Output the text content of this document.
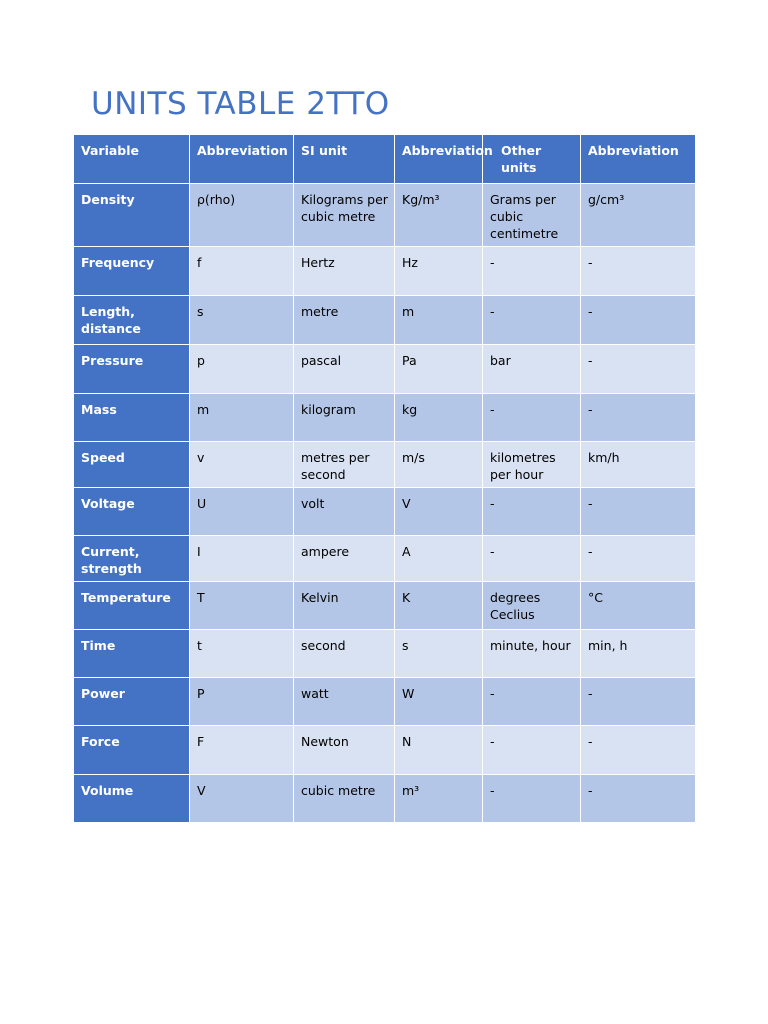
UNITS TABLE 2TTO
Variable	Abbreviation	SI unit	Abbreviation	Other units	Abbreviation
Density	ρ(rho)	Kilograms per cubic metre	Kg/m³	Grams per cubic centimetre	g/cm³
Frequency	f	Hertz	Hz	-	-
Length, distance	s	metre	m	-	-
Pressure	p	pascal	Pa	bar	-
Mass	m	kilogram	kg	-	-
Speed	v	metres per second	m/s	kilometres per hour	km/h
Voltage	U	volt	V	-	-
Current, strength	I	ampere	A	-	-
Temperature	T	Kelvin	K	degrees Ceclius	°C
Time	t	second	s	minute, hour	min, h
Power	P	watt	W	-	-
Force	F	Newton	N	-	-
Volume	V	cubic metre	m³	-	-
